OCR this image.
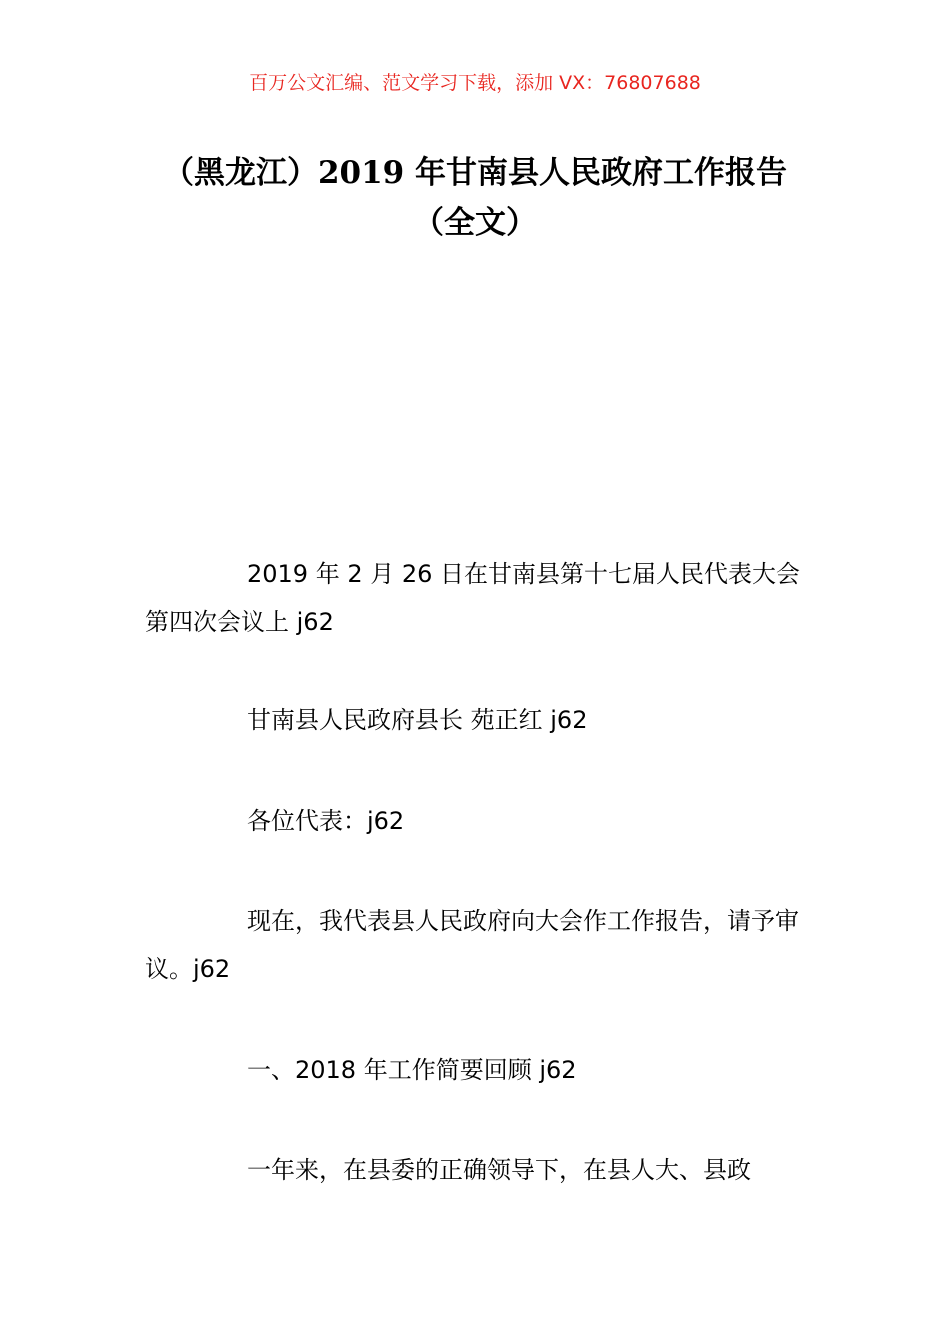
百万公文汇编、范文学习下载，添加 VX：76807688
（黑龙江）2019 年甘南县人民政府工作报告（全文）

2019 年 2 月 26 日在甘南县第十七届人民代表大会第四次会议上 j62

甘南县人民政府县长 苑正红 j62

各位代表：j62

现在，我代表县人民政府向大会作工作报告，请予审议。j62

一、2018 年工作简要回顾 j62

一年来，在县委的正确领导下，在县人大、县政
